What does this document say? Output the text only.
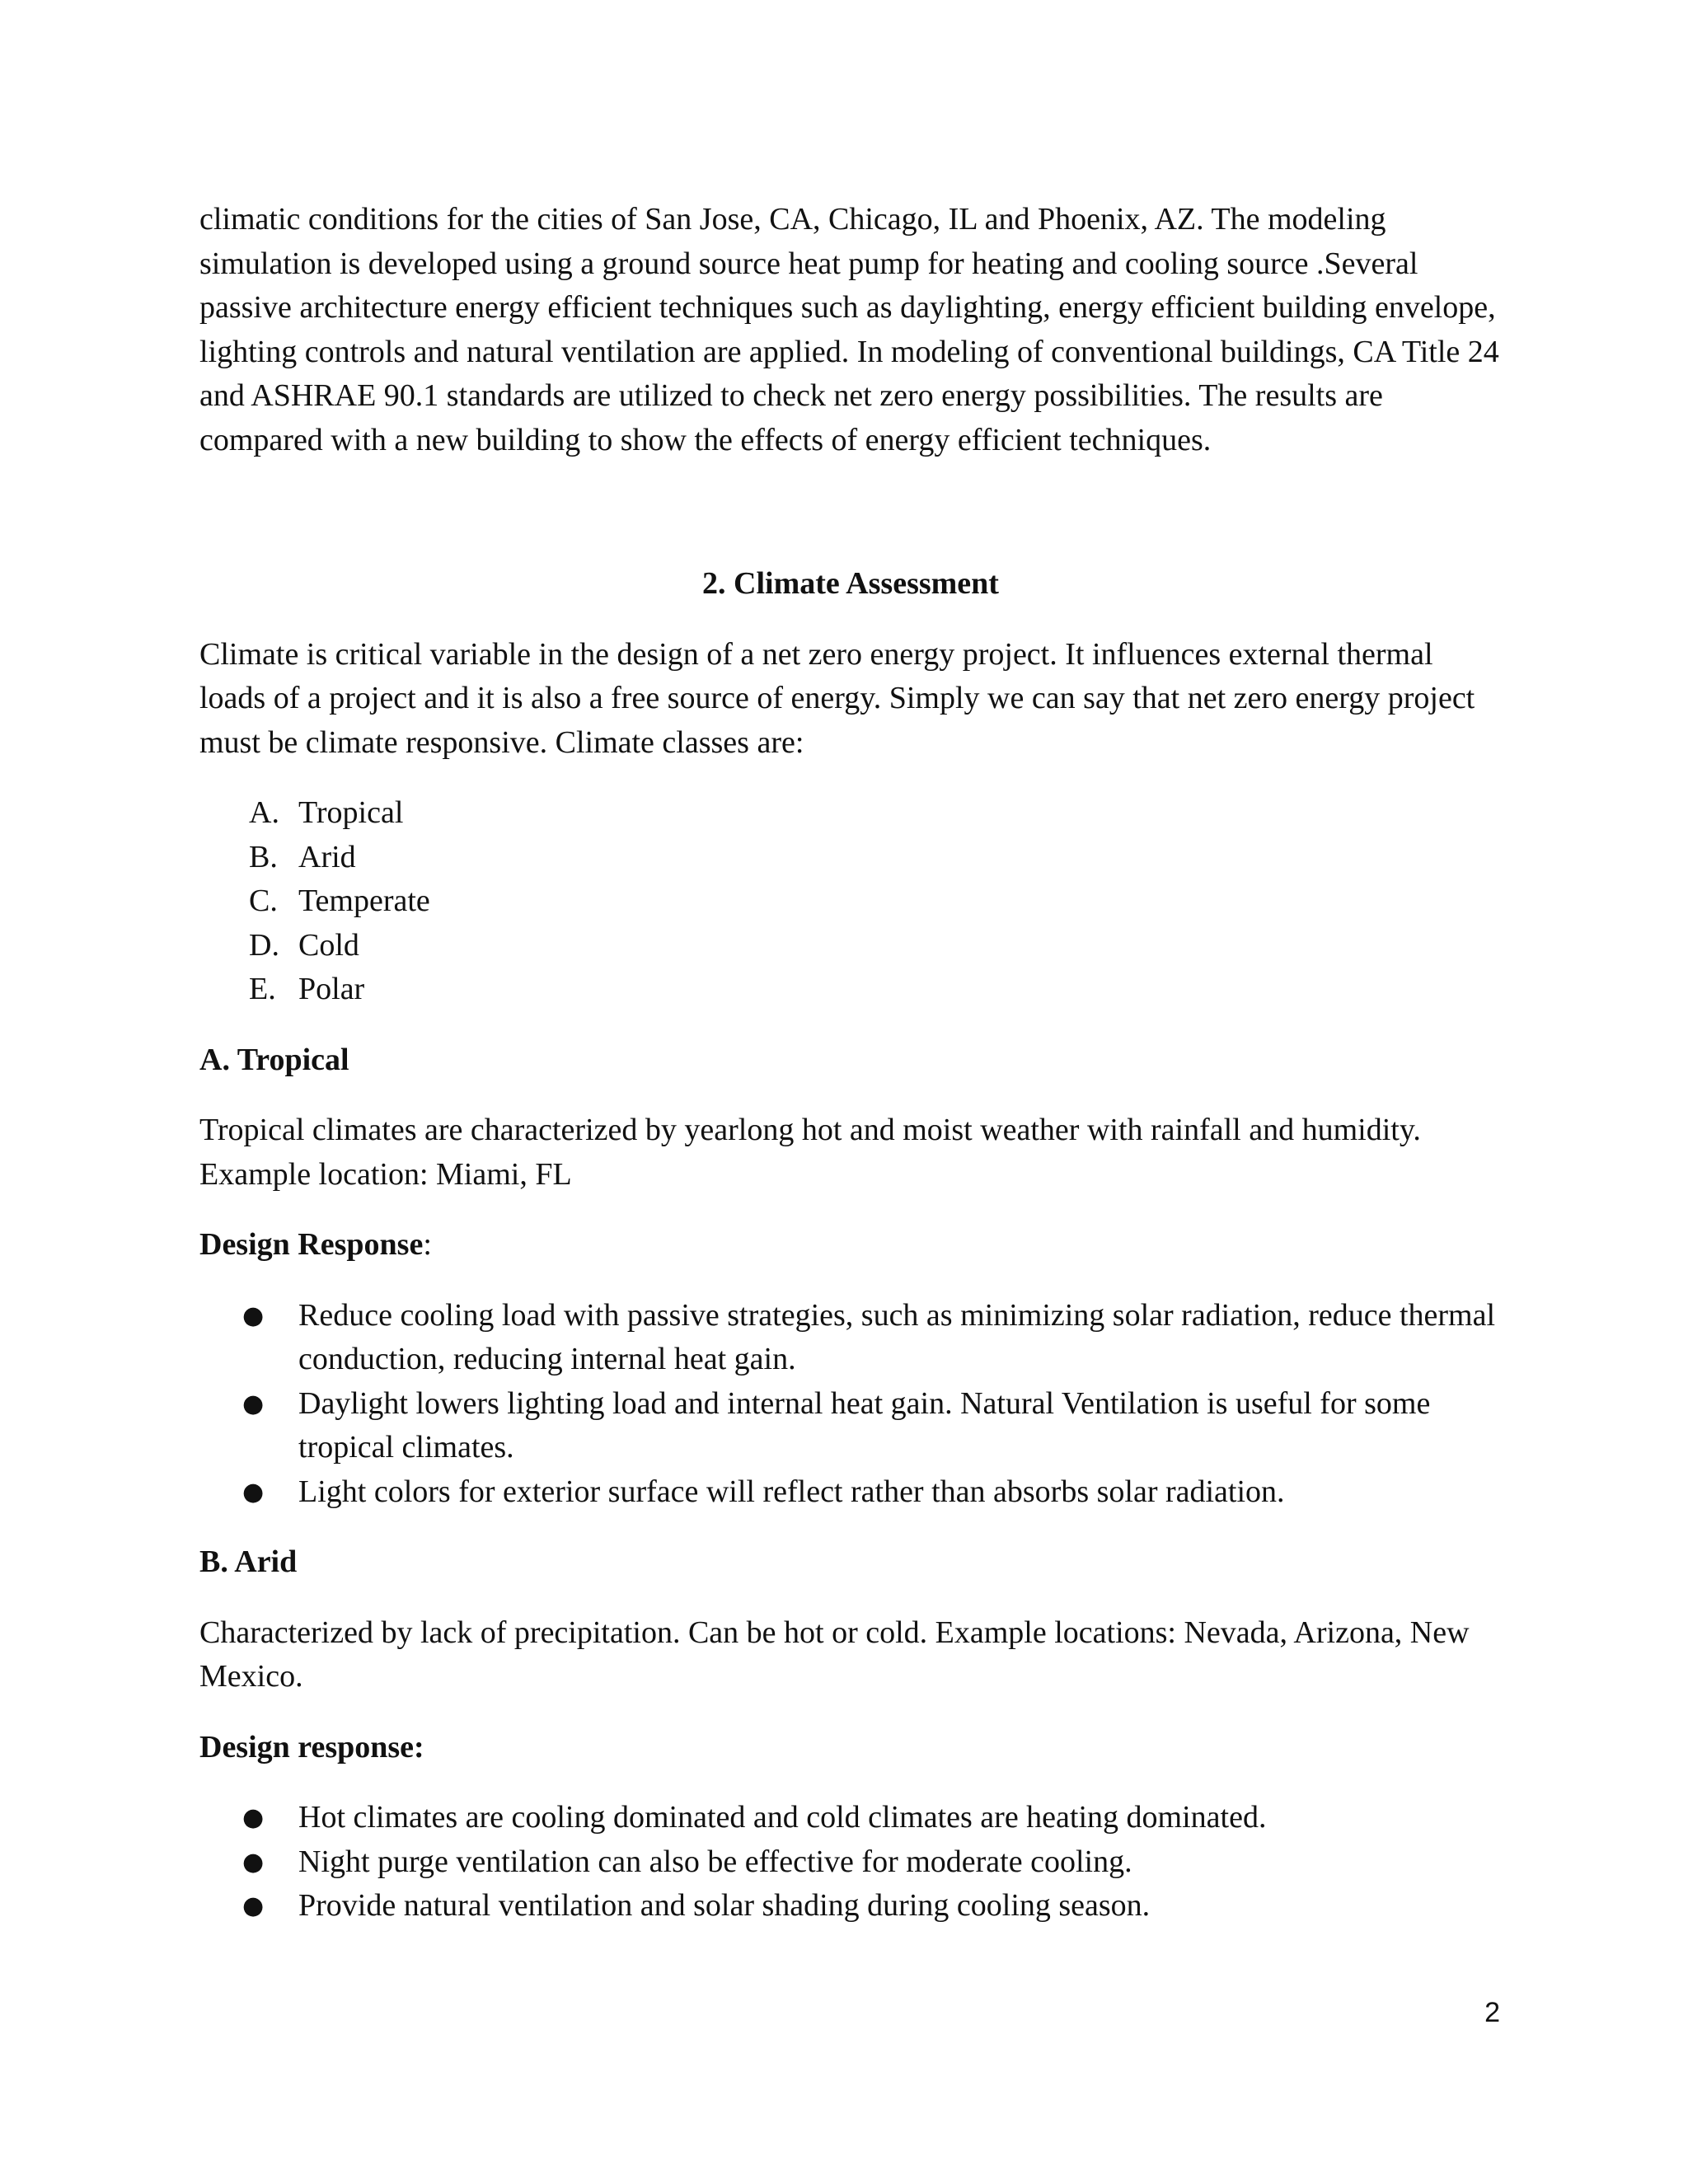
climatic conditions for the cities of San Jose, CA, Chicago, IL and Phoenix, AZ. The modeling simulation is developed using a ground source heat pump for heating and cooling source .Several passive architecture energy efficient techniques such as daylighting, energy efficient building envelope, lighting controls and natural ventilation are applied. In modeling of conventional buildings, CA Title 24 and ASHRAE 90.1 standards are utilized to check net zero energy possibilities. The results are compared with a new building to show the effects of energy efficient techniques.

2. Climate Assessment

Climate is critical variable in the design of a net zero energy project. It influences external thermal loads of a project and it is also a free source of energy. Simply we can say that net zero energy project must be climate responsive. Climate classes are:

A. Tropical
B. Arid
C. Temperate
D. Cold
E. Polar

A. Tropical

Tropical climates are characterized by yearlong hot and moist weather with rainfall and humidity. Example location: Miami, FL

Design Response:

● Reduce cooling load with passive strategies, such as minimizing solar radiation, reduce thermal conduction, reducing internal heat gain.
● Daylight lowers lighting load and internal heat gain. Natural Ventilation is useful for some tropical climates.
● Light colors for exterior surface will reflect rather than absorbs solar radiation.

B. Arid

Characterized by lack of precipitation. Can be hot or cold. Example locations: Nevada, Arizona, New Mexico.

Design response:

● Hot climates are cooling dominated and cold climates are heating dominated.
● Night purge ventilation can also be effective for moderate cooling.
● Provide natural ventilation and solar shading during cooling season.
2
